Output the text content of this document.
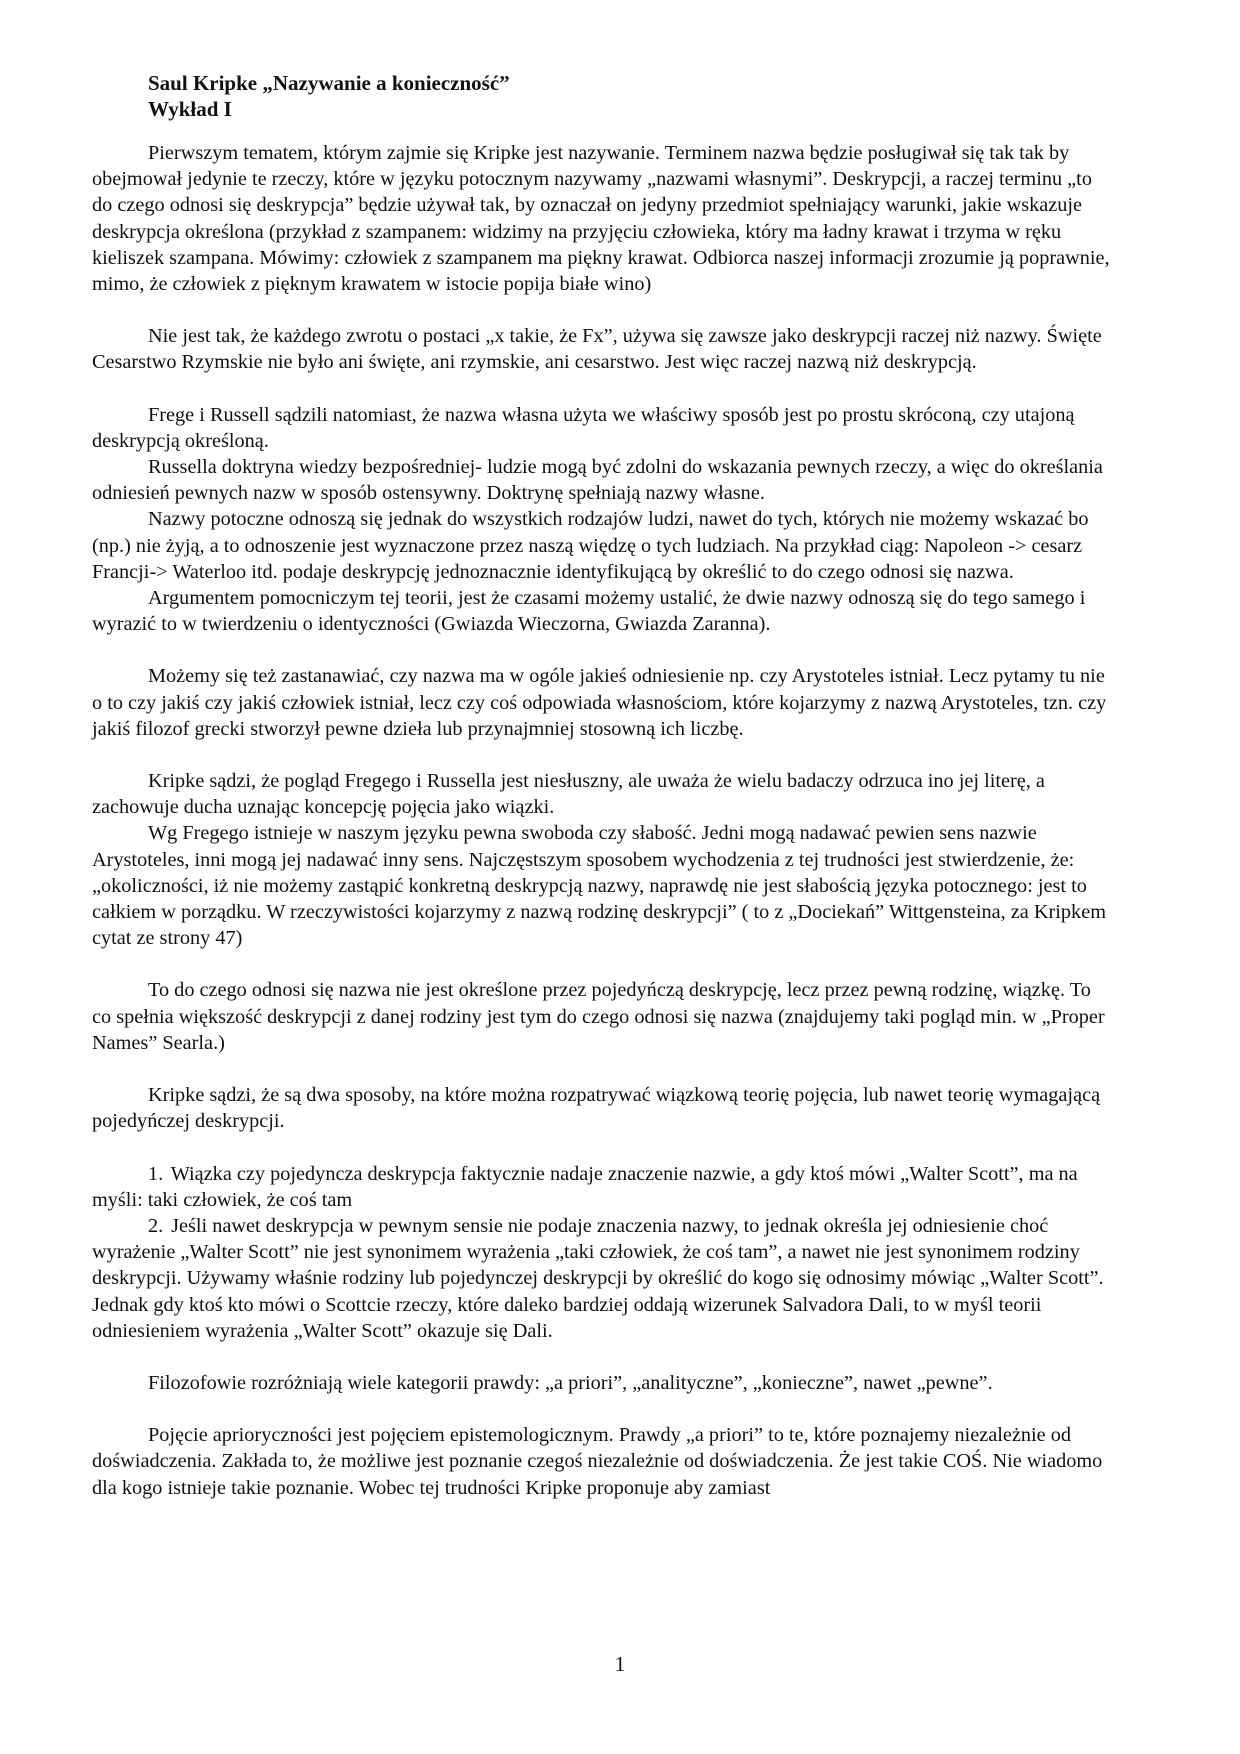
Saul Kripke „Nazywanie a konieczność”
Wykład I

Pierwszym tematem, którym zajmie się Kripke jest nazywanie. Terminem nazwa będzie posługiwał się tak tak by obejmował jedynie te rzeczy, które w języku potocznym nazywamy „nazwami własnymi”. Deskrypcji, a raczej terminu „to do czego odnosi się deskrypcja” będzie używał tak, by oznaczał on jedyny przedmiot spełniający warunki, jakie wskazuje deskrypcja określona (przykład z szampanem: widzimy na przyjęciu człowieka, który ma ładny krawat i trzyma w ręku kieliszek szampana. Mówimy: człowiek z szampanem ma piękny krawat. Odbiorca naszej informacji zrozumie ją poprawnie, mimo, że człowiek z pięknym krawatem w istocie popija białe wino)

Nie jest tak, że każdego zwrotu o postaci „x takie, że Fx”, używa się zawsze jako deskrypcji raczej niż nazwy. Święte Cesarstwo Rzymskie nie było ani święte, ani rzymskie, ani cesarstwo. Jest więc raczej nazwą niż deskrypcją.

Frege i Russell sądzili natomiast, że nazwa własna użyta we właściwy sposób jest po prostu skróconą, czy utajoną deskrypcją określoną.

Russella doktryna wiedzy bezpośredniej- ludzie mogą być zdolni do wskazania pewnych rzeczy, a więc do określania odniesień pewnych nazw w sposób ostensywny. Doktrynę spełniają nazwy własne.

Nazwy potoczne odnoszą się jednak do wszystkich rodzajów ludzi, nawet do tych, których nie możemy wskazać bo (np.) nie żyją, a to odnoszenie jest wyznaczone przez naszą więdzę o tych ludziach. Na przykład ciąg: Napoleon -> cesarz Francji-> Waterloo itd. podaje deskrypcję jednoznacznie identyfikującą by określić to do czego odnosi się nazwa.

Argumentem pomocniczym tej teorii, jest że czasami możemy ustalić, że dwie nazwy odnoszą się do tego samego i wyrazić to w twierdzeniu o identyczności (Gwiazda Wieczorna, Gwiazda Zaranna).

Możemy się też zastanawiać, czy nazwa ma w ogóle jakieś odniesienie np. czy Arystoteles istniał. Lecz pytamy tu nie o to czy jakiś czy jakiś człowiek istniał, lecz czy coś odpowiada własnościom, które kojarzymy z nazwą Arystoteles, tzn. czy jakiś filozof grecki stworzył pewne dzieła lub przynajmniej stosowną ich liczbę.

Kripke sądzi, że pogląd Fregego i Russella jest niesłuszny, ale uważa że wielu badaczy odrzuca ino jej literę, a zachowuje ducha uznając koncepcję pojęcia jako wiązki.

Wg Fregego istnieje w naszym języku pewna swoboda czy słabość. Jedni mogą nadawać pewien sens nazwie Arystoteles, inni mogą jej nadawać inny sens. Najczęstszym sposobem wychodzenia z tej trudności jest stwierdzenie, że: „okoliczności, iż nie możemy zastąpić konkretną deskrypcją nazwy, naprawdę nie jest słabością języka potocznego: jest to całkiem w porządku. W rzeczywistości kojarzymy z nazwą rodzinę deskrypcji” ( to z „Dociekań” Wittgensteina, za Kripkem cytat ze strony 47)

To do czego odnosi się nazwa nie jest określone przez pojedyńczą deskrypcję, lecz przez pewną rodzinę, wiązkę. To co spełnia większość deskrypcji z danej rodziny jest tym do czego odnosi się nazwa (znajdujemy taki pogląd min. w „Proper Names” Searla.)

Kripke sądzi, że są dwa sposoby, na które można rozpatrywać wiązkową teorię pojęcia, lub nawet teorię wymagającą pojedyńczej deskrypcji.

1. Wiązka czy pojedyncza deskrypcja faktycznie nadaje znaczenie nazwie, a gdy ktoś mówi „Walter Scott”, ma na myśli: taki człowiek, że coś tam

2. Jeśli nawet deskrypcja w pewnym sensie nie podaje znaczenia nazwy, to jednak określa jej odniesienie choć wyrażenie „Walter Scott” nie jest synonimem wyrażenia „taki człowiek, że coś tam”, a nawet nie jest synonimem rodziny deskrypcji. Używamy właśnie rodziny lub pojedynczej deskrypcji by określić do kogo się odnosimy mówiąc „Walter Scott”. Jednak gdy ktoś kto mówi o Scottcie rzeczy, które daleko bardziej oddają wizerunek Salvadora Dali, to w myśl teorii odniesieniem wyrażenia „Walter Scott” okazuje się Dali.

Filozofowie rozróżniają wiele kategorii prawdy: „a priori”, „analityczne”, „konieczne”, nawet „pewne”.

Pojęcie aprioryczności jest pojęciem epistemologicznym. Prawdy „a priori” to te, które poznajemy niezależnie od doświadczenia. Zakłada to, że możliwe jest poznanie czegoś niezależnie od doświadczenia. Że jest takie COŚ. Nie wiadomo dla kogo istnieje takie poznanie. Wobec tej trudności Kripke proponuje aby zamiast

1
